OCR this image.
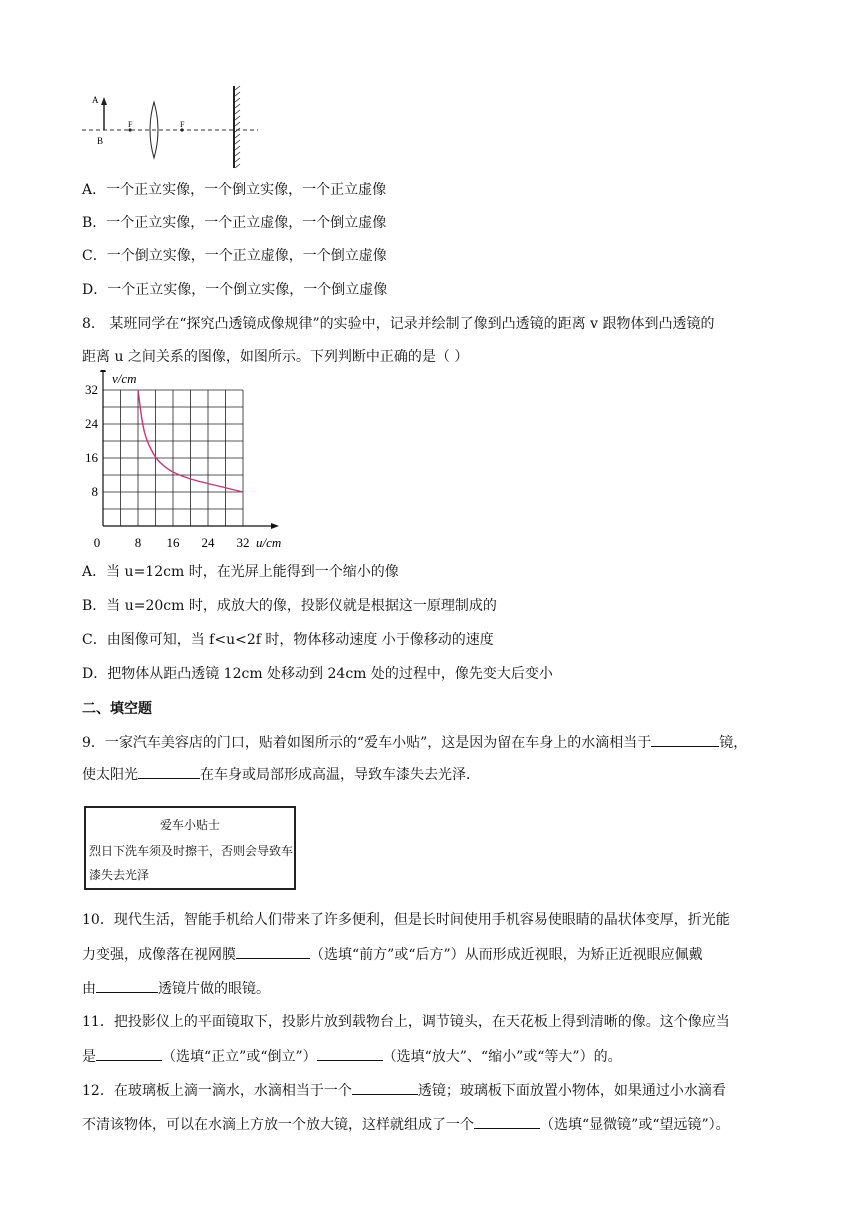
A
B
F	F
A．一个正立实像，一个倒立实像，一个正立虚像
B．一个正立实像，一个正立虚像，一个倒立虚像
C．一个倒立实像，一个正立虚像，一个倒立虚像
D．一个正立实像，一个倒立实像，一个倒立虚像
8． 某班同学在“探究凸透镜成像规律”的实验中，记录并绘制了像到凸透镜的距离 v 跟物体到凸透镜的
距离 u 之间关系的图像，如图所示。下列判断中正确的是（ ）
v/cm
u/cm
0	8 16 24 32
8
16
24
32
A．当 u=12cm 时，在光屏上能得到一个缩小的像
B．当 u=20cm 时，成放大的像，投影仪就是根据这一原理制成的
C．由图像可知，当 f<u<2f 时，物体移动速度 小于像移动的速度
D．把物体从距凸透镜 12cm 处移动到 24cm 处的过程中，像先变大后变小
二、填空题
9．一家汽车美容店的门口，贴着如图所示的“爱车小贴”，这是因为留在车身上的水滴相当于	镜，
使太阳光	在车身或局部形成高温，导致车漆失去光泽．
爱车小贴士
烈日下洗车须及时擦干，否则会导致车
漆失去光泽
10．现代生活，智能手机给人们带来了许多便利，但是长时间使用手机容易使眼睛的晶状体变厚，折光能
力变强，成像落在视网膜	（选填“前方”或“后方”）从而形成近视眼，为矫正近视眼应佩戴
由	透镜片做的眼镜。
11．把投影仪上的平面镜取下，投影片放到载物台上，调节镜头，在天花板上得到清晰的像。这个像应当
是	（选填“正立”或“倒立”）	（选填“放大”、“缩小”或“等大”）的。
12．在玻璃板上滴一滴水，水滴相当于一个	透镜；玻璃板下面放置小物体，如果通过小水滴看
不清该物体，可以在水滴上方放一个放大镜，这样就组成了一个	（选填“显微镜”或“望远镜”）。
